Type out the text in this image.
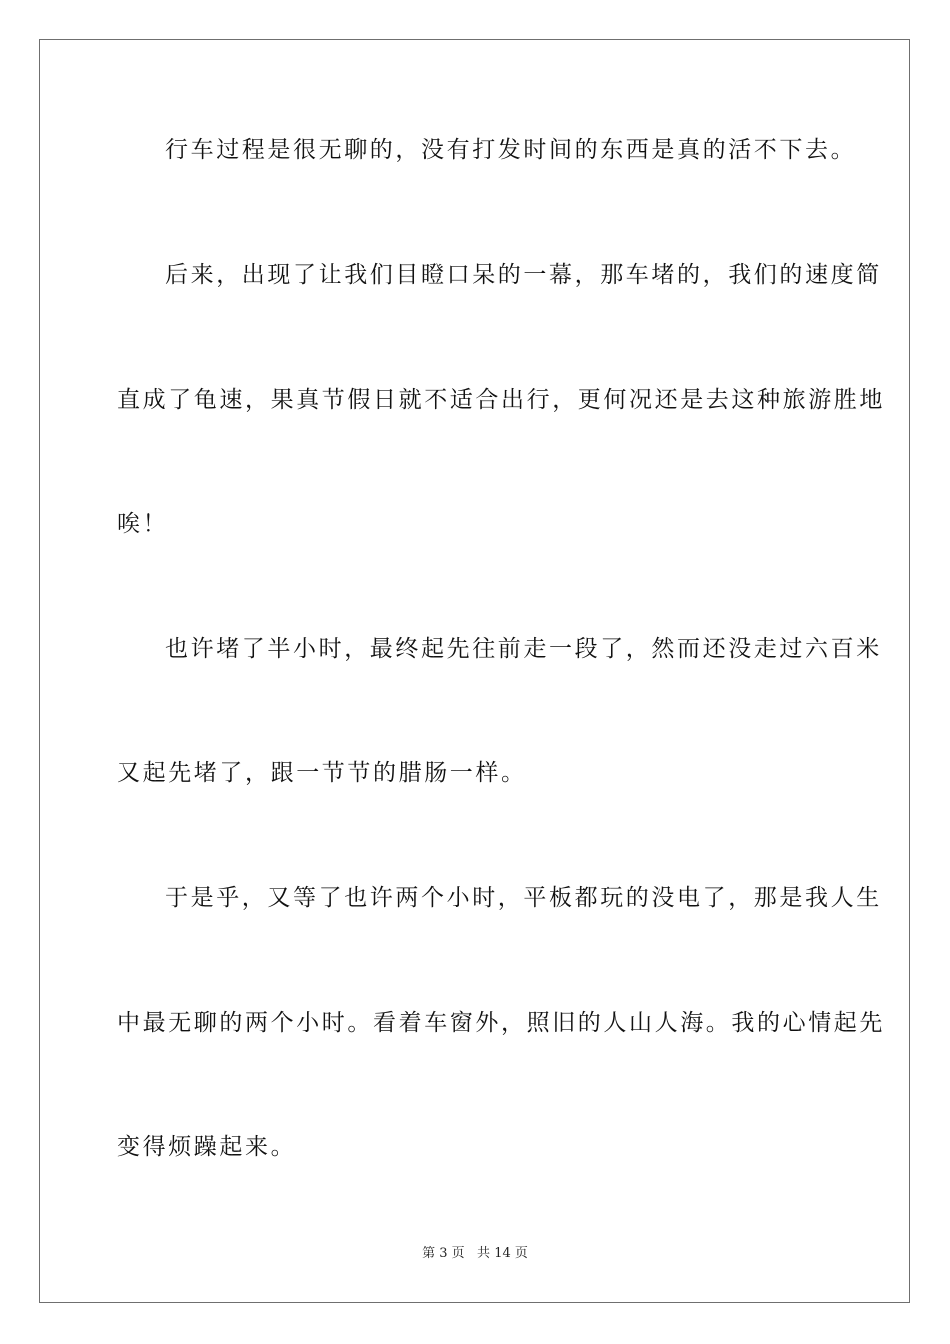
行车过程是很无聊的，没有打发时间的东西是真的活不下去。
后来，出现了让我们目瞪口呆的一幕，那车堵的，我们的速度简
直成了龟速，果真节假日就不适合出行，更何况还是去这种旅游胜地
唉！
也许堵了半小时，最终起先往前走一段了，然而还没走过六百米
又起先堵了，跟一节节的腊肠一样。
于是乎，又等了也许两个小时，平板都玩的没电了，那是我人生
中最无聊的两个小时。看着车窗外，照旧的人山人海。我的心情起先
变得烦躁起来。
第 3 页   共 14 页
